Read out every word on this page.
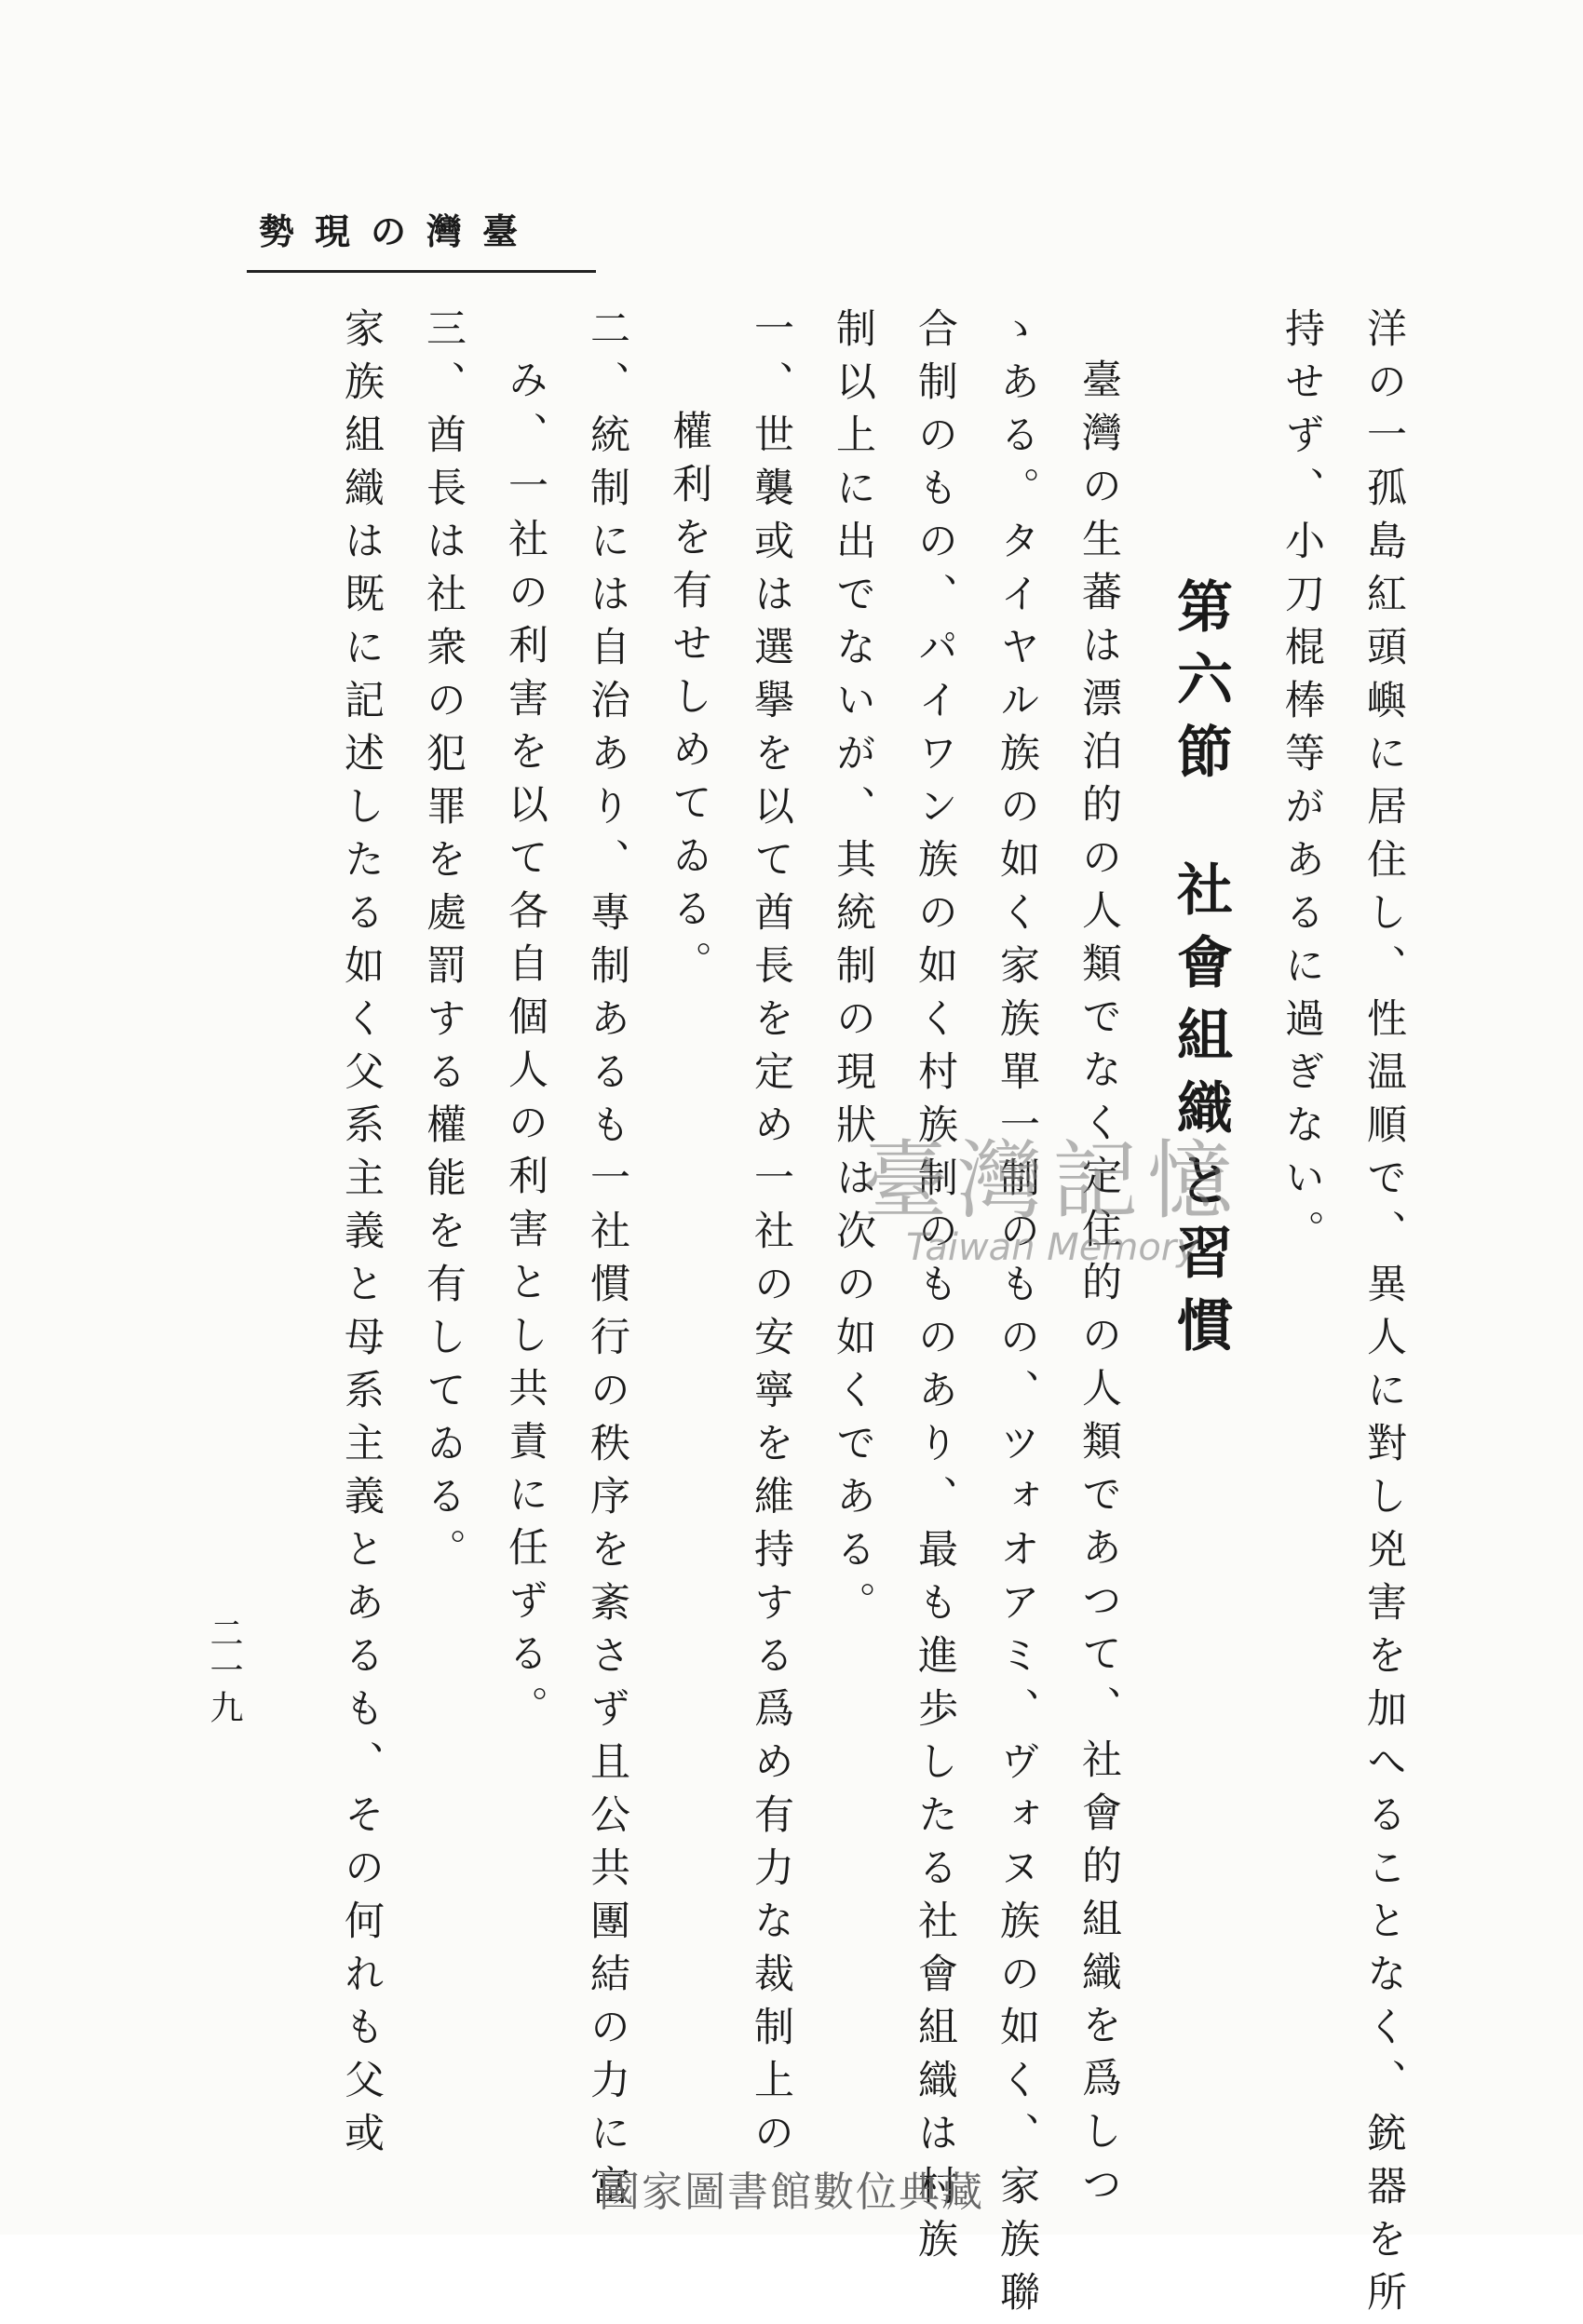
臺灣の現勢
洋の一孤島紅頭嶼に居住し、性温順で、異人に對し兇害を加へることなく、銃器を所
持せず、小刀棍棒等があるに過ぎない。
第六節社會組織と習慣
臺灣の生蕃は漂泊的の人類でなく定住的の人類であつて、社會的組織を爲しつ
ゝある。タイヤル族の如く家族單一制のもの、ツォオアミ、ヴォヌ族の如く、家族聯
合制のもの、パイワン族の如く村族制のものあり、最も進歩したる社會組織は村族
制以上に出でないが、其統制の現狀は次の如くである。
一、世襲或は選擧を以て酋長を定め一社の安寧を維持する爲め有力な裁制上の
權利を有せしめてゐる。
二、統制には自治あり、專制あるも一社慣行の秩序を紊さず且公共團結の力に富
み、一社の利害を以て各自個人の利害とし共責に任ずる。
三、酋長は社衆の犯罪を處罰する權能を有してゐる。
家族組織は既に記述したる如く父系主義と母系主義とあるも、その何れも父或
二一九
臺灣記憶
Taiwan Memory
國家圖書館數位典藏
